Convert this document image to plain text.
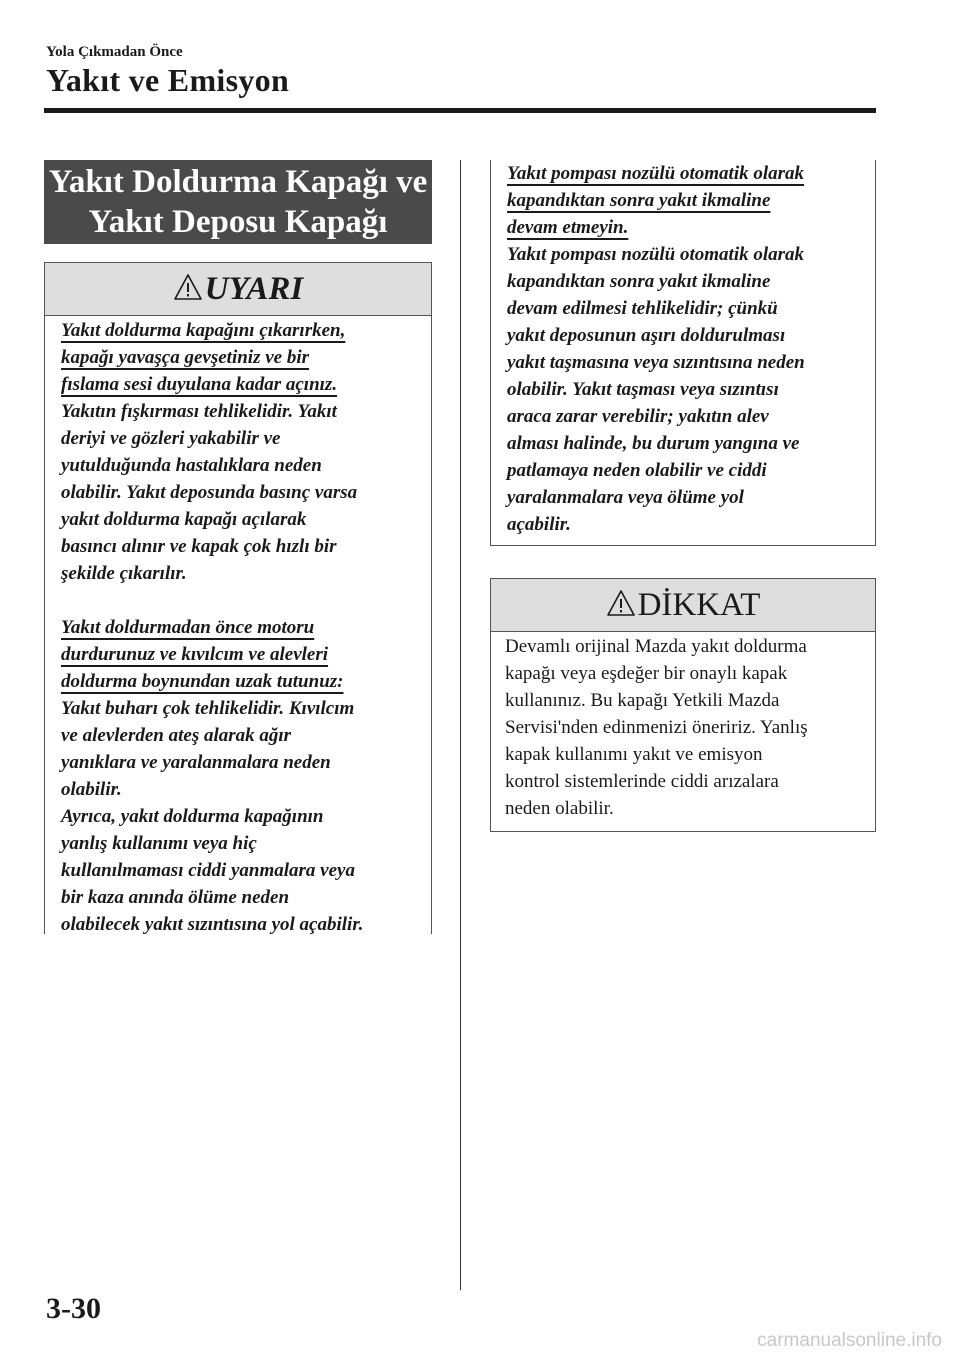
Yola Çıkmadan Önce
Yakıt ve Emisyon
Yakıt Doldurma Kapağı ve
Yakıt Deposu Kapağı
UYARI
Yakıt doldurma kapağını çıkarırken,
kapağı yavaşça gevşetiniz ve bir
fıslama sesi duyulana kadar açınız.
Yakıtın fışkırması tehlikelidir. Yakıt
deriyi ve gözleri yakabilir ve
yutulduğunda hastalıklara neden
olabilir. Yakıt deposunda basınç varsa
yakıt doldurma kapağı açılarak
basıncı alınır ve kapak çok hızlı bir
şekilde çıkarılır.
Yakıt doldurmadan önce motoru
durdurunuz ve kıvılcım ve alevleri
doldurma boynundan uzak tutunuz:
Yakıt buharı çok tehlikelidir. Kıvılcım
ve alevlerden ateş alarak ağır
yanıklara ve yaralanmalara neden
olabilir.
Ayrıca, yakıt doldurma kapağının
yanlış kullanımı veya hiç
kullanılmaması ciddi yanmalara veya
bir kaza anında ölüme neden
olabilecek yakıt sızıntısına yol açabilir.
Yakıt pompası nozülü otomatik olarak
kapandıktan sonra yakıt ikmaline
devam etmeyin.
Yakıt pompası nozülü otomatik olarak
kapandıktan sonra yakıt ikmaline
devam edilmesi tehlikelidir; çünkü
yakıt deposunun aşırı doldurulması
yakıt taşmasına veya sızıntısına neden
olabilir. Yakıt taşması veya sızıntısı
araca zarar verebilir; yakıtın alev
alması halinde, bu durum yangına ve
patlamaya neden olabilir ve ciddi
yaralanmalara veya ölüme yol
açabilir.
DİKKAT
Devamlı orijinal Mazda yakıt doldurma
kapağı veya eşdeğer bir onaylı kapak
kullanınız. Bu kapağı Yetkili Mazda
Servisi'nden edinmenizi öneririz. Yanlış
kapak kullanımı yakıt ve emisyon
kontrol sistemlerinde ciddi arızalara
neden olabilir.
3-30
carmanualsonline.info
